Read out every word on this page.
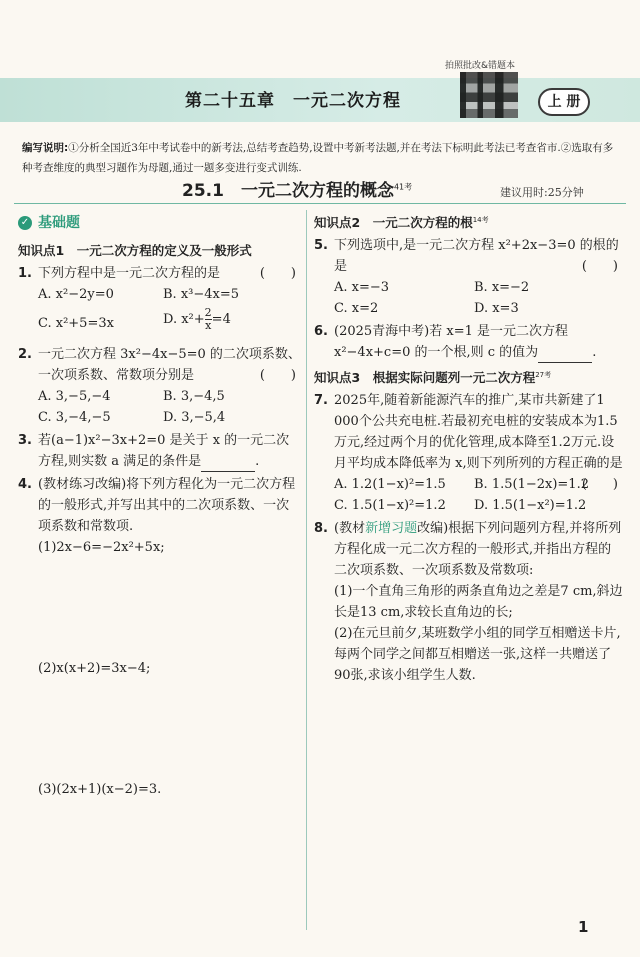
第二十五章　一元二次方程
拍照批改&错题本
上 册
编写说明:①分析全国近3年中考试卷中的新考法,总结考查趋势,设置中考新考法题,并在考法下标明此考法已考查省市.②选取有多种考查维度的典型习题作为母题,通过一题多变进行变式训练.
25.1　一元二次方程的概念$^{41考}$	建议用时:25分钟
✓ 基础题
知识点1　一元二次方程的定义及一般形式
1. 下列方程中是一元二次方程的是	(　　)
A. x²−2y=0	B. x³−4x=5
C. x²+5=3x	D. $x^2+ \frac{2}{x} =4$
2. 一元二次方程 3x²−4x−5=0 的二次项系数、一次项系数、常数项分别是	(　　)
A. 3,−5,−4	B. 3,−4,5
C. 3,−4,−5	D. 3,−5,4
3. 若(a−1)x²−3x+2=0 是关于 x 的一元二次方程,则实数 a 满足的条件是	.
4. (教材练习改编)将下列方程化为一元二次方程的一般形式,并写出其中的二次项系数、一次项系数和常数项.
(1)2x−6=−2x²+5x;
(2)x(x+2)=3x−4;
(3)(2x+1)(x−2)=3.
知识点2　一元二次方程的根$^{14考}$
5. 下列选项中,是一元二次方程 x²+2x−3=0 的根的是	(　　)
A. x=−3	B. x=−2
C. x=2	D. x=3
6. (2025青海中考)若 x=1 是一元二次方程 x²−4x+c=0 的一个根,则 c 的值为	.
知识点3　根据实际问题列一元二次方程$^{27考}$
7. 2025年,随着新能源汽车的推广,某市共新建了1 000个公共充电桩.若最初充电桩的安装成本为1.5万元,经过两个月的优化管理,成本降至1.2万元.设月平均成本降低率为 x,则下列所列的方程正确的是
(　　)
A. 1.2(1−x)²=1.5	B. 1.5(1−2x)=1.2
C. 1.5(1−x)²=1.2	D. 1.5(1−x²)=1.2
8. (教材新增习题改编)根据下列问题列方程,并将所列方程化成一元二次方程的一般形式,并指出方程的二次项系数、一次项系数及常数项:
(1)一个直角三角形的两条直角边之差是7 cm,斜边长是13 cm,求较长直角边的长;
(2)在元旦前夕,某班数学小组的同学互相赠送卡片,每两个同学之间都互相赠送一张,这样一共赠送了90张,求该小组学生人数.
1
